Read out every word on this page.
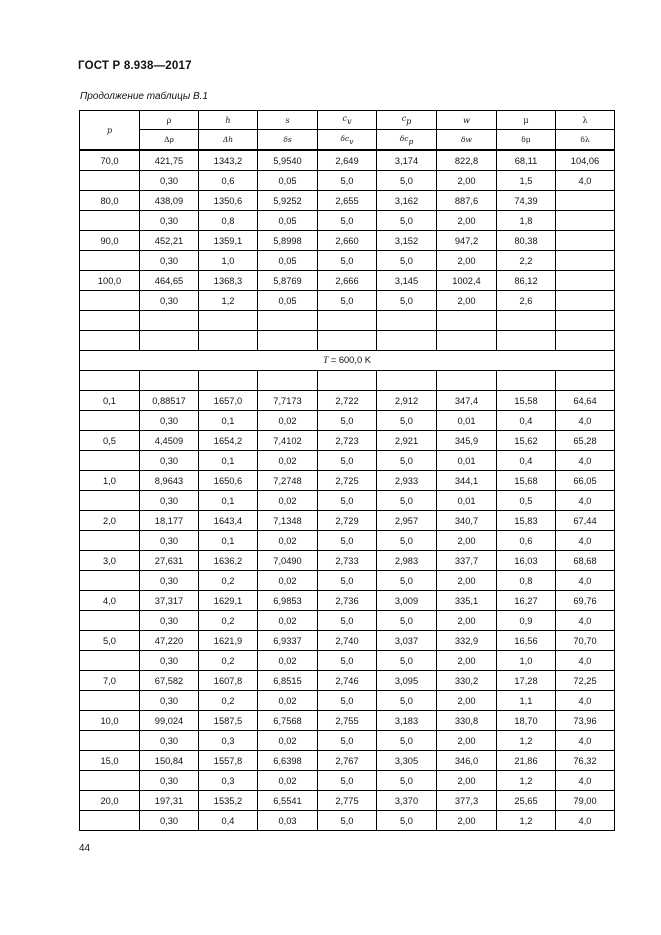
ГОСТ Р 8.938—2017
Продолжение таблицы В.1
p	ρ	h	s	$c_v$	$c_p$	w	μ	λ
	Δρ	Δh	δs	$\delta c_v$	$\delta c_p$	δw	δμ	δλ
70,0	421,75	1343,2	5,9540	2,649	3,174	822,8	68,11	104,06
	0,30	0,6	0,05	5,0	5,0	2,00	1,5	4,0
80,0	438,09	1350,6	5,9252	2,655	3,162	887,6	74,39	
	0,30	0,8	0,05	5,0	5,0	2,00	1,8	
90,0	452,21	1359,1	5,8998	2,660	3,152	947,2	80,38	
	0,30	1,0	0,05	5,0	5,0	2,00	2,2	
100,0	464,65	1368,3	5,8769	2,666	3,145	1002,4	86,12	
	0,30	1,2	0,05	5,0	5,0	2,00	2,6	

T = 600,0 K								

0,1	0,88517	1657,0	7,7173	2,722	2,912	347,4	15,58	64,64
	0,30	0,1	0,02	5,0	5,0	0,01	0,4	4,0
0,5	4,4509	1654,2	7,4102	2,723	2,921	345,9	15,62	65,28
	0,30	0,1	0,02	5,0	5,0	0,01	0,4	4,0
1,0	8,9643	1650,6	7,2748	2,725	2,933	344,1	15,68	66,05
	0,30	0,1	0,02	5,0	5,0	0,01	0,5	4,0
2,0	18,177	1643,4	7,1348	2,729	2,957	340,7	15,83	67,44
	0,30	0,1	0,02	5,0	5,0	2,00	0,6	4,0
3,0	27,631	1636,2	7,0490	2,733	2,983	337,7	16,03	68,68
	0,30	0,2	0,02	5,0	5,0	2,00	0,8	4,0
4,0	37,317	1629,1	6,9853	2,736	3,009	335,1	16,27	69,76
	0,30	0,2	0,02	5,0	5,0	2,00	0,9	4,0
5,0	47,220	1621,9	6,9337	2,740	3,037	332,9	16,56	70,70
	0,30	0,2	0,02	5,0	5,0	2,00	1,0	4,0
7,0	67,582	1607,8	6,8515	2,746	3,095	330,2	17,28	72,25
	0,30	0,2	0,02	5,0	5,0	2,00	1,1	4,0
10,0	99,024	1587,5	6,7568	2,755	3,183	330,8	18,70	73,96
	0,30	0,3	0,02	5,0	5,0	2,00	1,2	4,0
15,0	150,84	1557,8	6,6398	2,767	3,305	346,0	21,86	76,32
	0,30	0,3	0,02	5,0	5,0	2,00	1,2	4,0
20,0	197,31	1535,2	6,5541	2,775	3,370	377,3	25,65	79,00
	0,30	0,4	0,03	5,0	5,0	2,00	1,2	4,0
44
